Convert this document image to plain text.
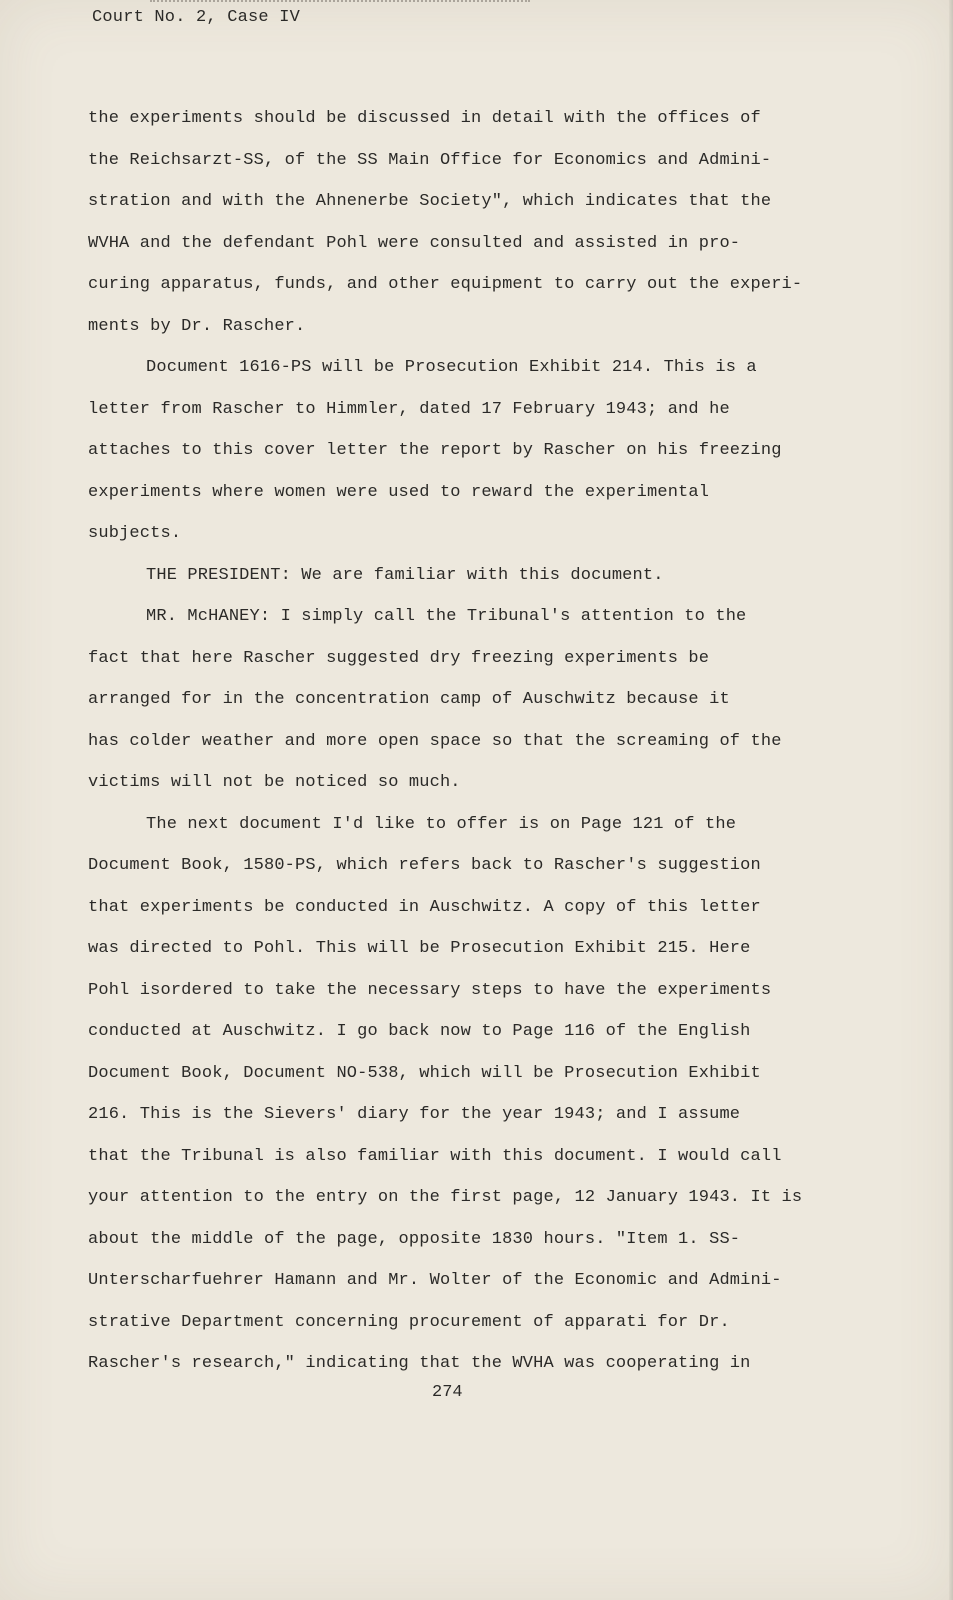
Court No. 2, Case IV
the experiments should be discussed in detail with the offices of
the Reichsarzt-SS, of the SS Main Office for Economics and Admini-
stration and with the Ahnenerbe Society", which indicates that the
WVHA and the defendant Pohl were consulted and assisted in pro-
curing apparatus, funds, and other equipment to carry out the experi-
ments by Dr. Rascher.
Document 1616-PS will be Prosecution Exhibit 214. This is a
letter from Rascher to Himmler, dated 17 February 1943; and he
attaches to this cover letter the report by Rascher on his freezing
experiments where women were used to reward the experimental
subjects.
THE PRESIDENT: We are familiar with this document.
MR. McHANEY: I simply call the Tribunal's attention to the
fact that here Rascher suggested dry freezing experiments be
arranged for in the concentration camp of Auschwitz because it
has colder weather and more open space so that the screaming of the
victims will not be noticed so much.
The next document I'd like to offer is on Page 121 of the
Document Book, 1580-PS, which refers back to Rascher's suggestion
that experiments be conducted in Auschwitz. A copy of this letter
was directed to Pohl. This will be Prosecution Exhibit 215. Here
Pohl isordered to take the necessary steps to have the experiments
conducted at Auschwitz. I go back now to Page 116 of the English
Document Book, Document NO-538, which will be Prosecution Exhibit
216. This is the Sievers' diary for the year 1943; and I assume
that the Tribunal is also familiar with this document. I would call
your attention to the entry on the first page, 12 January 1943. It is
about the middle of the page, opposite 1830 hours. "Item 1. SS-
Unterscharfuehrer Hamann and Mr. Wolter of the Economic and Admini-
strative Department concerning procurement of apparati for Dr.
Rascher's research," indicating that the WVHA was cooperating in
274
